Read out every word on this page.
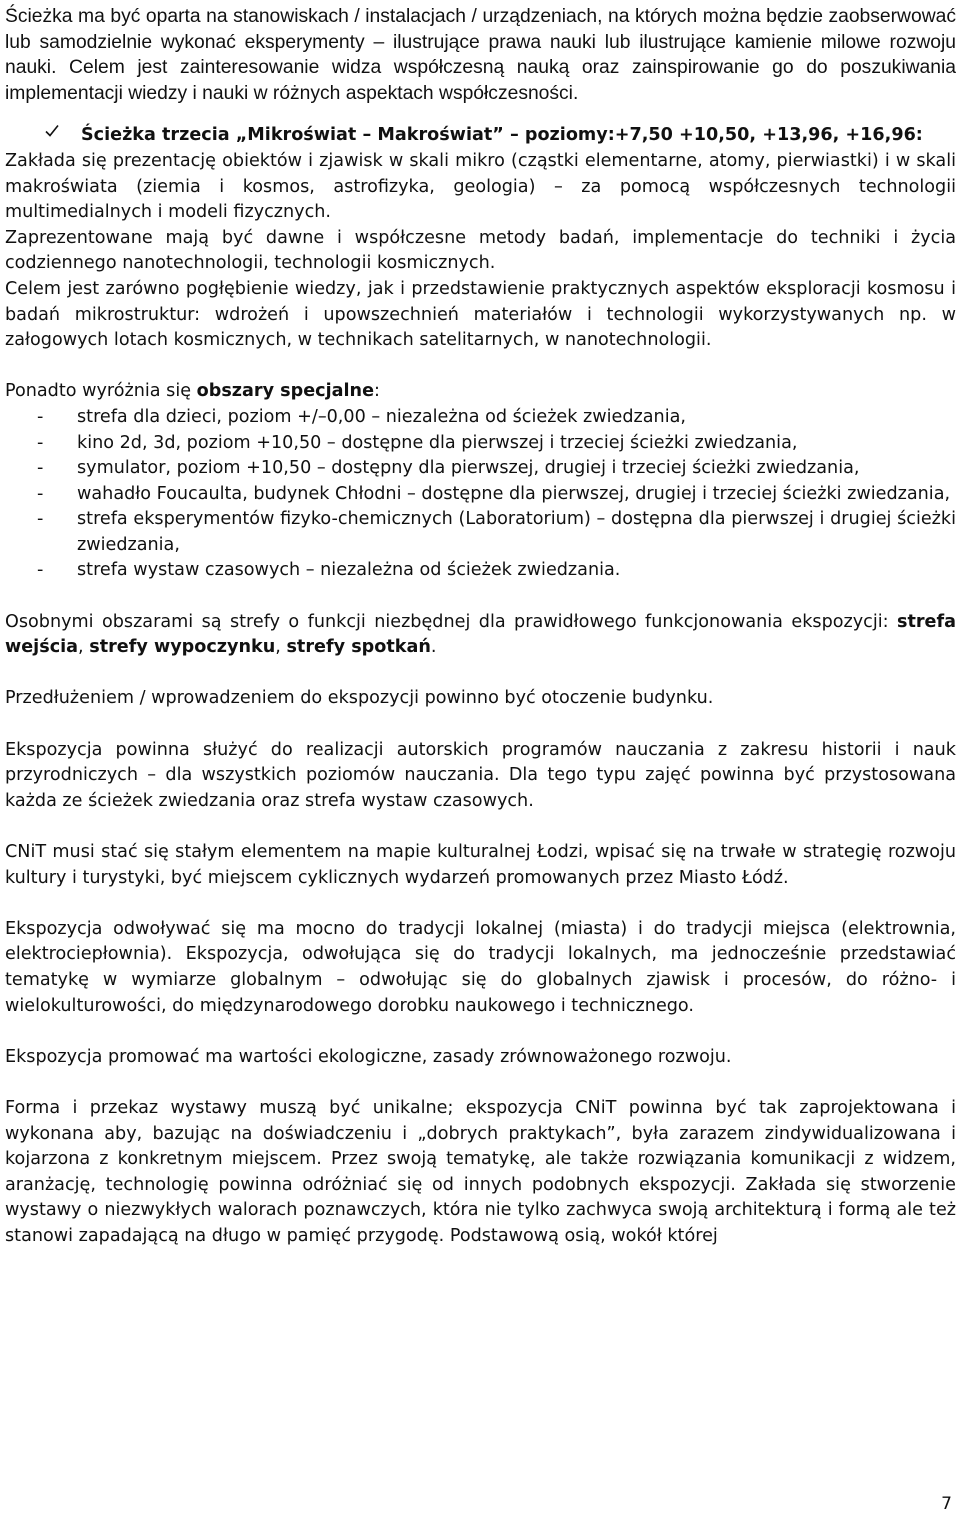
Ścieżka ma być oparta na stanowiskach / instalacjach / urządzeniach, na których można będzie zaobserwować lub samodzielnie wykonać eksperymenty – ilustrujące prawa nauki lub ilustrujące kamienie milowe rozwoju nauki. Celem jest zainteresowanie widza współczesną nauką oraz zainspirowanie go do poszukiwania implementacji wiedzy i nauki w różnych aspektach współczesności.

Ścieżka trzecia „Mikroświat – Makroświat” – poziomy:+7,50 +10,50, +13,96, +16,96:

Zakłada się prezentację obiektów i zjawisk w skali mikro (cząstki elementarne, atomy, pierwiastki) i w skali makroświata (ziemia i kosmos, astrofizyka, geologia) – za pomocą współczesnych technologii multimedialnych i modeli fizycznych.

Zaprezentowane mają być dawne i współczesne metody badań, implementacje do techniki i życia codziennego nanotechnologii, technologii kosmicznych.

Celem jest zarówno pogłębienie wiedzy, jak i przedstawienie praktycznych aspektów eksploracji kosmosu i badań mikrostruktur: wdrożeń i upowszechnień materiałów i technologii wykorzystywanych np. w załogowych lotach kosmicznych, w technikach satelitarnych, w nanotechnologii.

Ponadto wyróżnia się obszary specjalne:

-	strefa dla dzieci, poziom +/–0,00 – niezależna od ścieżek zwiedzania,
-	kino 2d, 3d, poziom +10,50 – dostępne dla pierwszej i trzeciej ścieżki zwiedzania,
-	symulator, poziom +10,50 – dostępny dla pierwszej, drugiej i trzeciej ścieżki zwiedzania,
-	wahadło Foucaulta, budynek Chłodni – dostępne dla pierwszej, drugiej i trzeciej ścieżki zwiedzania,
-	strefa eksperymentów fizyko-chemicznych (Laboratorium) – dostępna dla pierwszej i drugiej ścieżki zwiedzania,
-	strefa wystaw czasowych – niezależna od ścieżek zwiedzania.

Osobnymi obszarami są strefy o funkcji niezbędnej dla prawidłowego funkcjonowania ekspozycji: strefa wejścia, strefy wypoczynku, strefy spotkań.

Przedłużeniem / wprowadzeniem do ekspozycji powinno być otoczenie budynku.

Ekspozycja powinna służyć do realizacji autorskich programów nauczania z zakresu historii i nauk przyrodniczych – dla wszystkich poziomów nauczania. Dla tego typu zajęć powinna być przystosowana każda ze ścieżek zwiedzania oraz strefa wystaw czasowych.

CNiT musi stać się stałym elementem na mapie kulturalnej Łodzi, wpisać się na trwałe w strategię rozwoju kultury i turystyki, być miejscem cyklicznych wydarzeń promowanych przez Miasto Łódź.

Ekspozycja odwoływać się ma mocno do tradycji lokalnej (miasta) i do tradycji miejsca (elektrownia, elektrociepłownia). Ekspozycja, odwołująca się do tradycji lokalnych, ma jednocześnie przedstawiać tematykę w wymiarze globalnym – odwołując się do globalnych zjawisk i procesów, do różno- i wielokulturowości, do międzynarodowego dorobku naukowego i technicznego.

Ekspozycja promować ma wartości ekologiczne, zasady zrównoważonego rozwoju.

Forma i przekaz wystawy muszą być unikalne; ekspozycja CNiT powinna być tak zaprojektowana i wykonana aby, bazując na doświadczeniu i „dobrych praktykach”, była zarazem zindywidualizowana i kojarzona z konkretnym miejscem. Przez swoją tematykę, ale także rozwiązania komunikacji z widzem, aranżację, technologię powinna odróżniać się od innych podobnych ekspozycji. Zakłada się stworzenie wystawy o niezwykłych walorach poznawczych, która nie tylko zachwyca swoją architekturą i formą ale też stanowi zapadającą na długo w pamięć przygodę. Podstawową osią, wokół której

7
